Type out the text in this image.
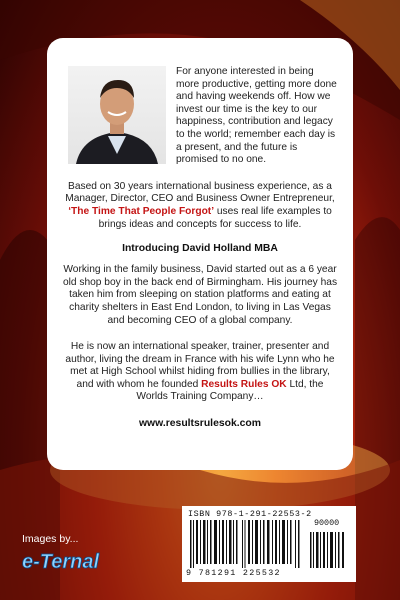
For anyone interested in being more productive, getting more done and having weekends off. How we invest our time is the key to our happiness, contribution and legacy to the world; remember each day is a present, and the future is promised to no one.

Based on 30 years international business experience, as a Manager, Director, CEO and Business Owner Entrepreneur, ‘The Time That People Forgot’ uses real life examples to brings ideas and concepts for success to life.

Introducing David Holland MBA

Working in the family business, David started out as a 6 year old shop boy in the back end of Birmingham. His journey has taken him from sleeping on station platforms and eating at charity shelters in East End London, to living in Las Vegas and becoming CEO of a global company.

He is now an international speaker, trainer, presenter and author, living the dream in France with his wife Lynn who he met at High School whilst hiding from bullies in the library, and with whom he founded Results Rules OK Ltd, the Worlds Training Company…

www.resultsrulesok.com
ISBN 978-1-291-22553-2
90000
9 781291 225532
Images by...
e-Ternal
